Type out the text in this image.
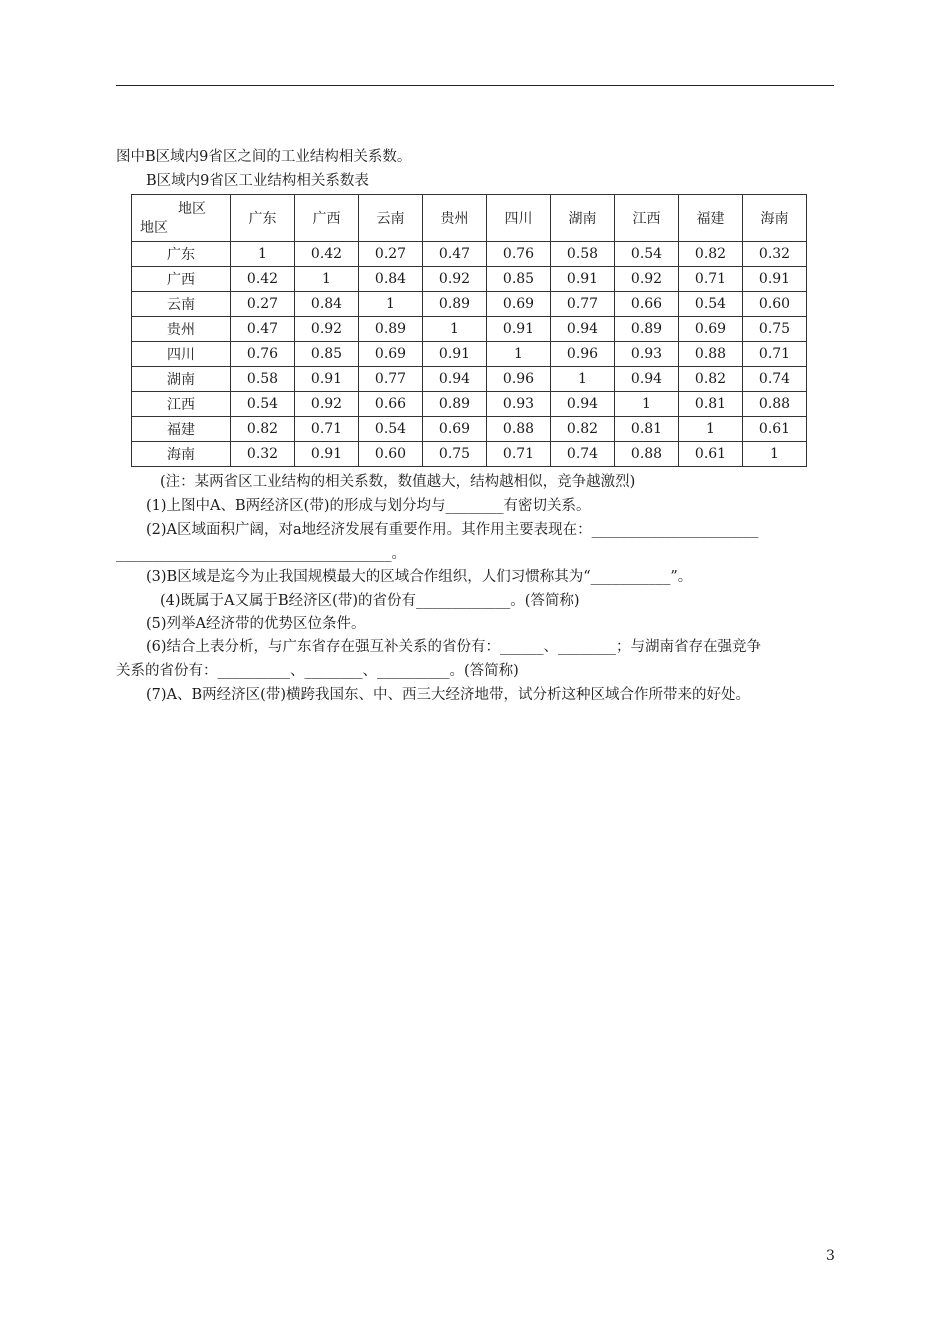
图中B区域内9省区之间的工业结构相关系数。
B区域内9省区工业结构相关系数表
地区
地区	广东	广西	云南	贵州	四川	湖南	江西	福建	海南
广东	1	0.42	0.27	0.47	0.76	0.58	0.54	0.82	0.32
广西	0.42	1	0.84	0.92	0.85	0.91	0.92	0.71	0.91
云南	0.27	0.84	1	0.89	0.69	0.77	0.66	0.54	0.60
贵州	0.47	0.92	0.89	1	0.91	0.94	0.89	0.69	0.75
四川	0.76	0.85	0.69	0.91	1	0.96	0.93	0.88	0.71
湖南	0.58	0.91	0.77	0.94	0.96	1	0.94	0.82	0.74
江西	0.54	0.92	0.66	0.89	0.93	0.94	1	0.81	0.88
福建	0.82	0.71	0.54	0.69	0.88	0.82	0.81	1	0.61
海南	0.32	0.91	0.60	0.75	0.71	0.74	0.88	0.61	1
(注：某两省区工业结构的相关系数，数值越大，结构越相似，竞争越激烈)
(1)上图中A、B两经济区(带)的形成与划分均与________有密切关系。
(2)A区域面积广阔，对a地经济发展有重要作用。其作用主要表现在：_______________________
______________________________________。
(3)B区域是迄今为止我国规模最大的区域合作组织，人们习惯称其为“___________”。
(4)既属于A又属于B经济区(带)的省份有_____________。(答简称)
(5)列举A经济带的优势区位条件。
(6)结合上表分析，与广东省存在强互补关系的省份有：______、________；与湖南省存在强竞争
关系的省份有：__________、________、__________。(答简称)
(7)A、B两经济区(带)横跨我国东、中、西三大经济地带，试分析这种区域合作所带来的好处。
3
